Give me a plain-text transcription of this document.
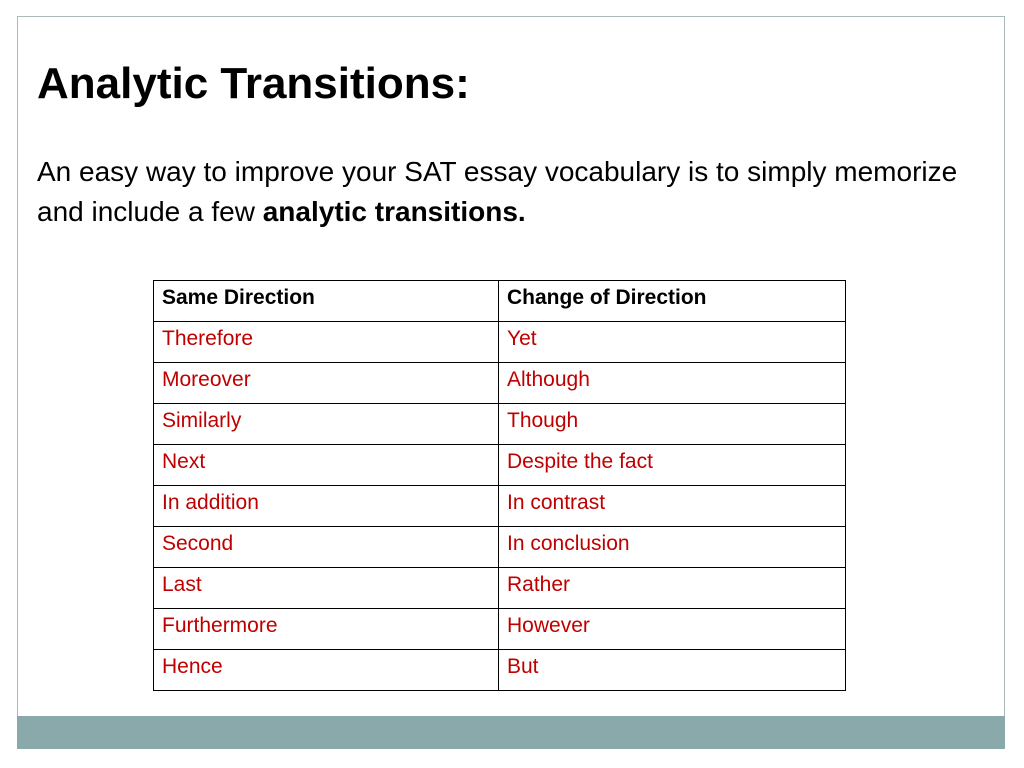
Analytic Transitions:

An easy way to improve your SAT essay vocabulary is to simply memorize and include a few analytic transitions.

Same Direction	Change of Direction
Therefore	Yet
Moreover	Although
Similarly	Though
Next	Despite the fact
In addition	In contrast
Second	In conclusion
Last	Rather
Furthermore	However
Hence	But
